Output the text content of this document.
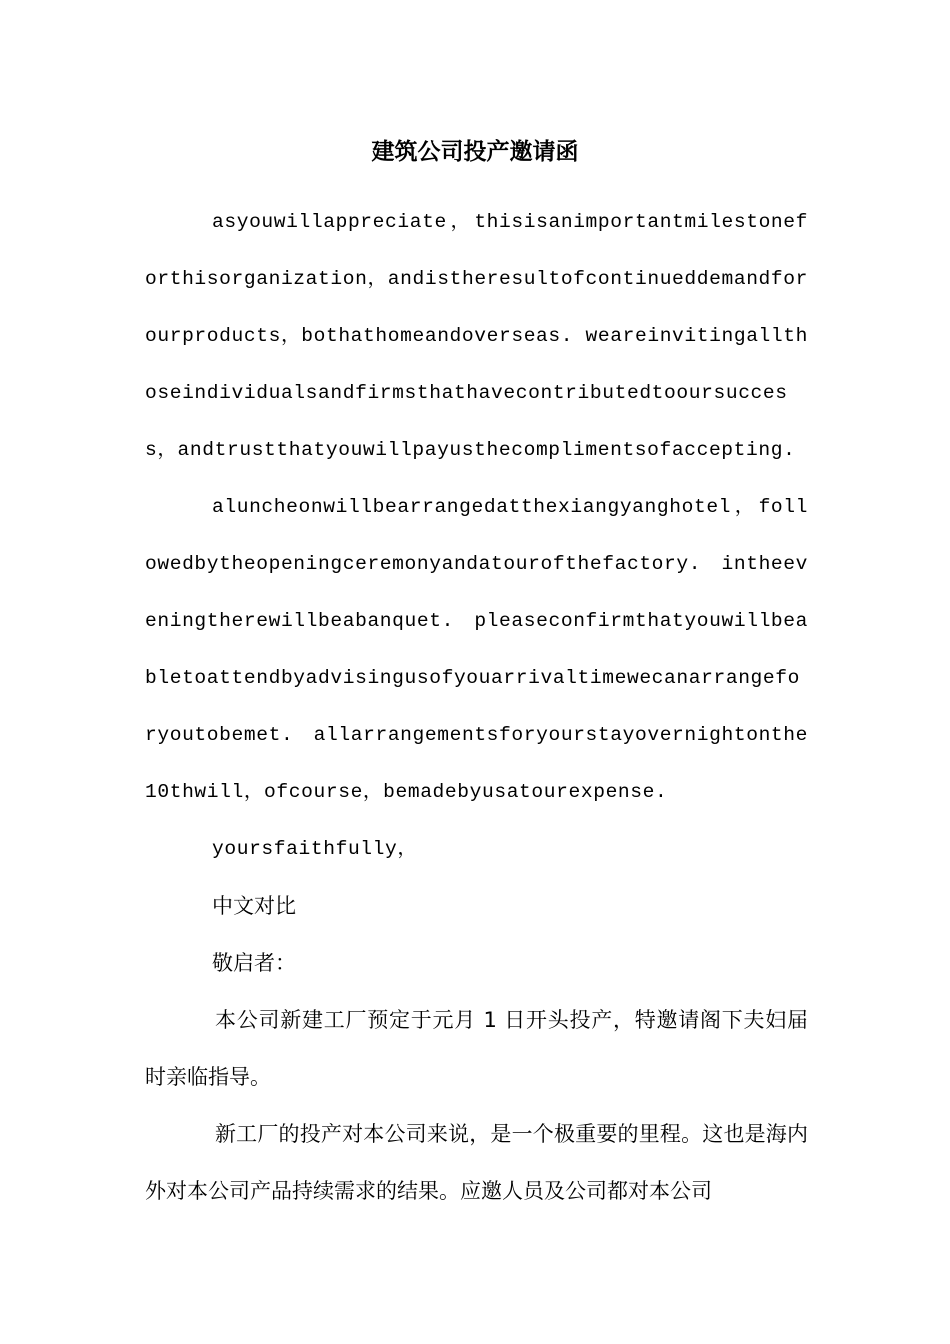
建筑公司投产邀请函

asyouwillappreciate，thisisanimportantmilestoneforthisorganization，andistheresultofcontinueddemandforourproducts，bothathomeandoverseas. weareinvitingallthoseindividualsandfirmsthathavecontributedtooursuccess，andtrustthatyouwillpayusthecomplimentsofaccepting.

aluncheonwillbearrangedatthexiangyanghotel，followedbytheopeningceremonyandatourofthefactory. intheeveningtherewillbeabanquet. pleaseconfirmthatyouwillbeabletoattendbyadvisingusofyouarrivaltimewecanarrangeforyoutobemet. allarrangementsforyourstayovernightonthe10thwill，ofcourse，bemadebyusatourexpense.

yoursfaithfully，

中文对比

敬启者：

本公司新建工厂预定于元月 1 日开头投产，特邀请阁下夫妇届时亲临指导。

新工厂的投产对本公司来说，是一个极重要的里程。这也是海内外对本公司产品持续需求的结果。应邀人员及公司都对本公司
